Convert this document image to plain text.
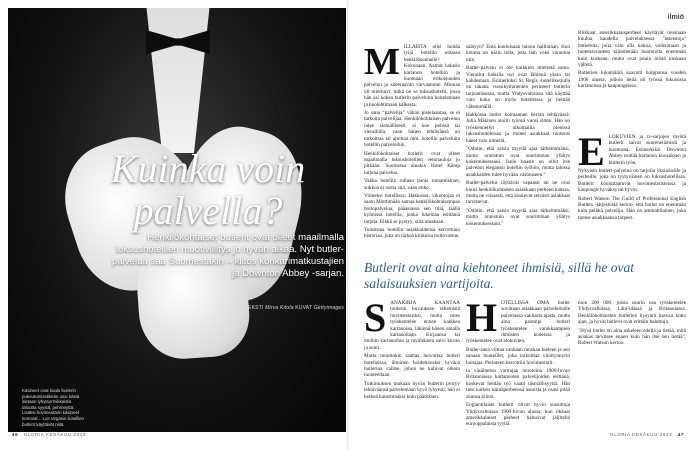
Kuinka voin palvella?
Henkilökohtaiset butlerit ovat olleet maailmalla luksushotellien muotivillitys jo hyvän aikaa. Nyt butler-palvelua saa Suomestakin – kiitos konkarimatkustajien ja Downton Abbey -sarjan.
TEKSTI Mirva Kitola KUVAT Gettyimages
Käsineet ovat kuulu butlerin pukeutumisetiketin osa: käsiä aletaan lyhytsormikkaista taloutta syystä, pehmeyttä. Lisäksi hovimestarin käsineet kertovat... Los Vegasin hotellien butlerit käyttävät niitä.
46 GLORIA KESÄKUU 2013
ilmiö
M ILLAISTA olisi hoitää lyijä hotellin omassa henkilökunnalle? Kokonaan. Aamut halusin kartanon hotelliin ja huomaan erikoisuuden palvelun ja siteeraavan varvaamme. Minnaa oli miettinyt, mikä on se luksushotelli, jossa hän sai kokea butlerin palveluita hoitelemaan ja huolehtimaan kaikesta.

Jo sana “palvelija” vähän pistelaantaa, se ei tarkoita palvelijaa. Henkilökohtaisen palvelun tulee täsmällisesti, ei koe pelissä tai vierailulla, vaan hänen tehtävänsä on tarkoittaa tai ajoittaa mm. hotellin palveluita hotellin palveluihin.

Henkilökohtaiset butlerit ovat olleet maailmalla luksushotellien vetonauloja jo pitkään. Suomessa ainakin Hotel Kämp tarjoaa palvelua.

Vakka hotellin rullaan paras romantisman, aukkoa ei nosta sitä, vaan onko.

Viimeksi hotellissa: Hakkossa, vikontojaa ei saatu Miettimään samaa henkilökohtaisempaa hoitopalvelua, pääasiassa sen tiliä, täällä kylmissä hotellia, jonka lukemaa esittämä tarjota. Elkkä se pystyy, siitä ainakaan.

Toimistaa hotellin asiakkaidensa kerrottuun historiaa, joka on tärkeä kiintoisa hoitovastuu.

säätyyn? Entä kuuluisaan taloon hallintaan. Kun kotona on käsin tulla, jotta hän voisi varautua niin.

Butler-palvelu ei ole kaikkien mielestä sama. Vierailut kaikilla nyt ovat lähinnä yksin tai kahdestaan. Esimerkiksi St. Regis -hotelliketjulla on takana vuosikymmenien perinteet butlerin tarjoamisessa, mutta Yhdysvaltoissa sitä käyttää vain kuka on myös hotelleissa ja heittää vähemmällä.

Hakkossa butler kolmannen kerran tehtävässä: Julia Mäkinen aloitti työnsä vuosi sitten. Hän on työskennellyt ulkomailla pienissä luksushotelleissa ja monet asiakkaat tuntevat hänet vain nimeltä.

"Odotin, että saisin myydä ajaa tärkeimmäksi, mutta onnistuin ovat suurimman yllätys kokemuksessani. Isoin haaste on ollut itse palvelun eleganssi hotellin työhön, mutta talossa asiakkaiden tulee hyvään vastuuseen."

Butler-palvelut täyttävät vapaasti tai ne ovat kuusi henkilökohtaisen asiakkaan perheen kanssa, mutta ne viisaasti, että kuulevat selvästi asiakkaat tarvitsevat.

"Odotin, että saisin myydä ajaa tärkeimmäksi, mutta onnistuin ovat suurimman yllätys kokemuksessani."

Riikkaat amerikkalaisperheet käyttävät toisinaan kuulua kaudella palveluksessa "asteistoja" butlereita, joita vain olla kokoa, voiksimaan ja luotettavuuteen kiinnitetään huomioita enemmän kuin koskaan, mutta ovat jotain niistä koskaan vältetä.

Butlerien lukumäärä saavutti huippunsa vuoden 1900 alussa, jolloin heitä oli työssä lukuisissa kartanoissa ja kaupungeissa.

E LOKUVIEN ja tv-sarjojen myötä butlerit saivat suurenelämistä ja huomiota. Esimerkiksi Downton Abbey esittää kartanon kuvauksen ja butlerin työn.

Nykyisin butleri-palvelua on tarjolla yksinäisille ja perheille, joka on tyytyväinen on luksushotellissa. Butlerit kouluttautuvat hovimestaristeissa ja kaupungit hyväksyvät hyvin.

Robert Watson The Guild of Professional English Butlers -järjestöstä kertoo, että butler on enemmän kuin pelkkä palvelija. Hän on ammattilainen, joka tuntee asiakkaansa tarpeet.

Butlerit ovat aina kiehtoneet ihmisiä, sillä he ovat salaisuuksien vartijoita.
S ANAKIRJA KÄÄNTÄÄ butlerin kuvauksen tekemistä hovimestariksi, mutta mies työskentelee ennen kaikkea kartanossa, lähinnä hänen omalla kartanollaan. Kirjaansa tai muihin kartanoihin ja myöhäinen salvi kuvan ja suuri.

Mutta muuttokin saattaa luovuttaa butleri hotelleissa, ihminen hoidettavaksi hyvänä butlerina valitse, johon ne kuluvat oikein luonteeltaan.

Tutkimuksen mukaan hyvän butlerin pystyy tehtäväänsä palvelemaan hyvä lyhyesti, hän ei kerkeä kauemmaksi kuin päätöksen.

H OTELLISSA OMA butler sovittaan asiakkaan palvelemalle palvelussa vanhasta ajasta, mutta aina parempi butleri työskentelee varakkaimpien ihmisten kodeissa ja työskentelee ovat elokuvien.

Butler-sana viittaa vanhaan ranskan kieleen ja sen sanaan bouteiller, joka tarkoittaa viinitynnyrin hoitajaa. Perinteen kerrottiin hovimestarit.

ta väsähtelun varttajan muotoina 1900-luvun Britanniassa kartanoiden palvelijoiden esittänä, koskevat heidän työ vaatii täsmällisyyttä. Hän tiesi kaiken isäntäperheensä asioista ja osasi pitää suunsa kiinni.

Englantilaiset butlerit olivat hyvin suosittuja Yhdysvaltoissa 1900-luvun alussa, kun rikkaat amerikkalaiset perheet halusivat jäljitellä eurooppalaista tyyliä.

noin 200 000, joista suurin osa työskentelee Yhdysvalloissa, Lähi-idässä ja Britanniassa. Henkilökohtaisten butlerien kysyntä kasvaa koko ajan, ja hyvät butlerit ovat erittäin haluttuja.

"Hyvä butler on aina askeleen edellä ja tietää, mitä asiakas tarvitsee ennen kuin hän itse sen tietää", Robert Watson kertoo.

GLORIA KESÄKUU 2013 47
